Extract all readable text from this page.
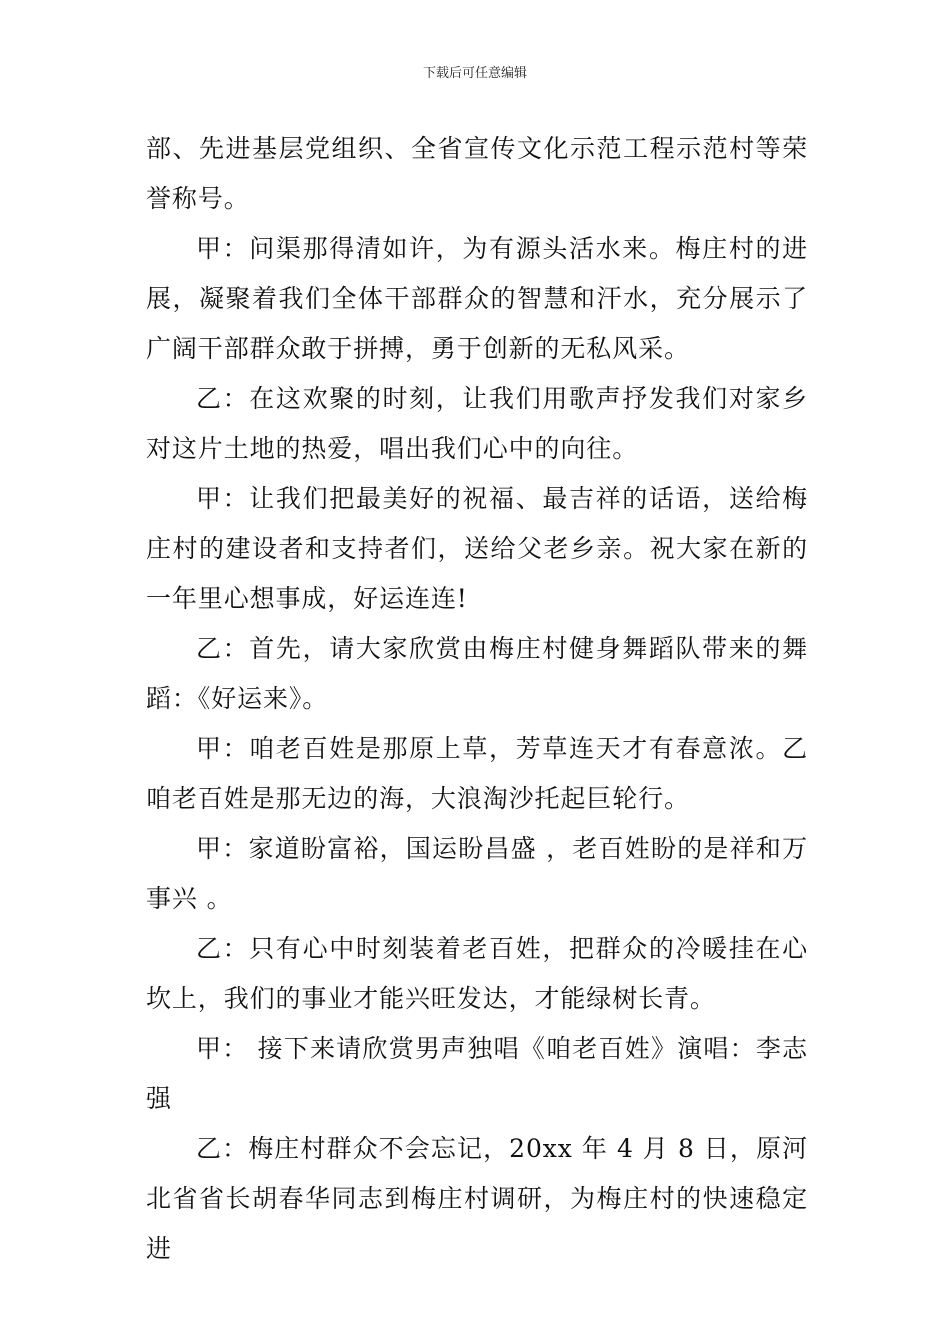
下载后可任意编辑

部、先进基层党组织、全省宣传文化示范工程示范村等荣誉称号。

甲：问渠那得清如许，为有源头活水来。梅庄村的进展，凝聚着我们全体干部群众的智慧和汗水，充分展示了广阔干部群众敢于拼搏，勇于创新的无私风采。

乙：在这欢聚的时刻，让我们用歌声抒发我们对家乡对这片土地的热爱，唱出我们心中的向往。

甲：让我们把最美好的祝福、最吉祥的话语，送给梅庄村的建设者和支持者们，送给父老乡亲。祝大家在新的一年里心想事成，好运连连!

乙：首先，请大家欣赏由梅庄村健身舞蹈队带来的舞蹈：《好运来》。

甲：咱老百姓是那原上草，芳草连天才有春意浓。乙咱老百姓是那无边的海，大浪淘沙托起巨轮行。

甲：家道盼富裕，国运盼昌盛 ，老百姓盼的是祥和万事兴 。

乙：只有心中时刻装着老百姓，把群众的冷暖挂在心坎上，我们的事业才能兴旺发达，才能绿树长青。

甲： 接下来请欣赏男声独唱《咱老百姓》演唱：李志强

乙：梅庄村群众不会忘记，20xx 年 4 月 8 日，原河北省省长胡春华同志到梅庄村调研，为梅庄村的快速稳定进
